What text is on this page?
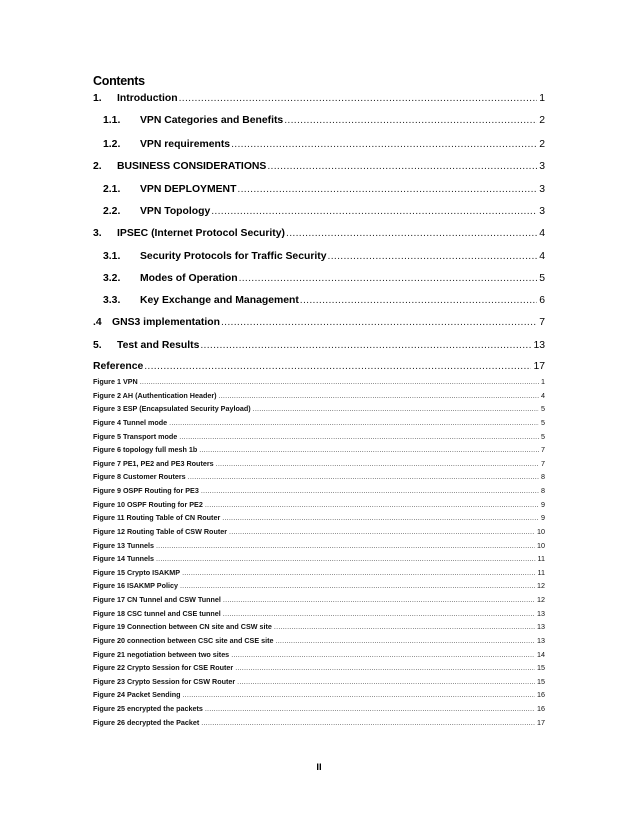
Contents
1.	Introduction .....	1
1.1.	VPN Categories and Benefits .....	2
1.2.	VPN requirements .....	2
2.	BUSINESS CONSIDERATIONS .....	3
2.1.	VPN DEPLOYMENT .....	3
2.2.	VPN Topology .....	3
3.	IPSEC (Internet Protocol Security) .....	4
3.1.	Security Protocols for Traffic Security .....	4
3.2.	Modes of Operation .....	5
3.3.	Key Exchange and Management .....	6
.4 GNS3 implementation .....	7
5.	Test and Results .....	13
Reference .....	17
Figure 1 VPN .....	1
Figure 2 AH (Authentication Header) .....	4
Figure 3 ESP (Encapsulated Security Payload) .....	5
Figure 4 Tunnel mode .....	5
Figure 5 Transport mode .....	5
Figure 6 topology full mesh 1b .....	7
Figure 7 PE1, PE2 and PE3 Routers .....	7
Figure 8 Customer Routers .....	8
Figure 9 OSPF Routing for PE3 .....	8
Figure 10 OSPF Routing for PE2 .....	9
Figure 11 Routing Table of CN Router .....	9
Figure 12 Routing Table of CSW Router .....	10
Figure 13 Tunnels .....	10
Figure 14 Tunnels .....	11
Figure 15 Crypto ISAKMP .....	11
Figure 16 ISAKMP Policy .....	12
Figure 17 CN Tunnel and CSW Tunnel .....	12
Figure 18 CSC tunnel and CSE tunnel .....	13
Figure 19 Connection between CN site and CSW site .....	13
Figure 20 connection between CSC site and CSE site .....	13
Figure 21 negotiation between two sites .....	14
Figure 22 Crypto Session for CSE Router .....	15
Figure 23 Crypto Session for CSW Router .....	15
Figure 24 Packet Sending .....	16
Figure 25 encrypted the packets .....	16
Figure 26 decrypted the Packet .....	17
II
